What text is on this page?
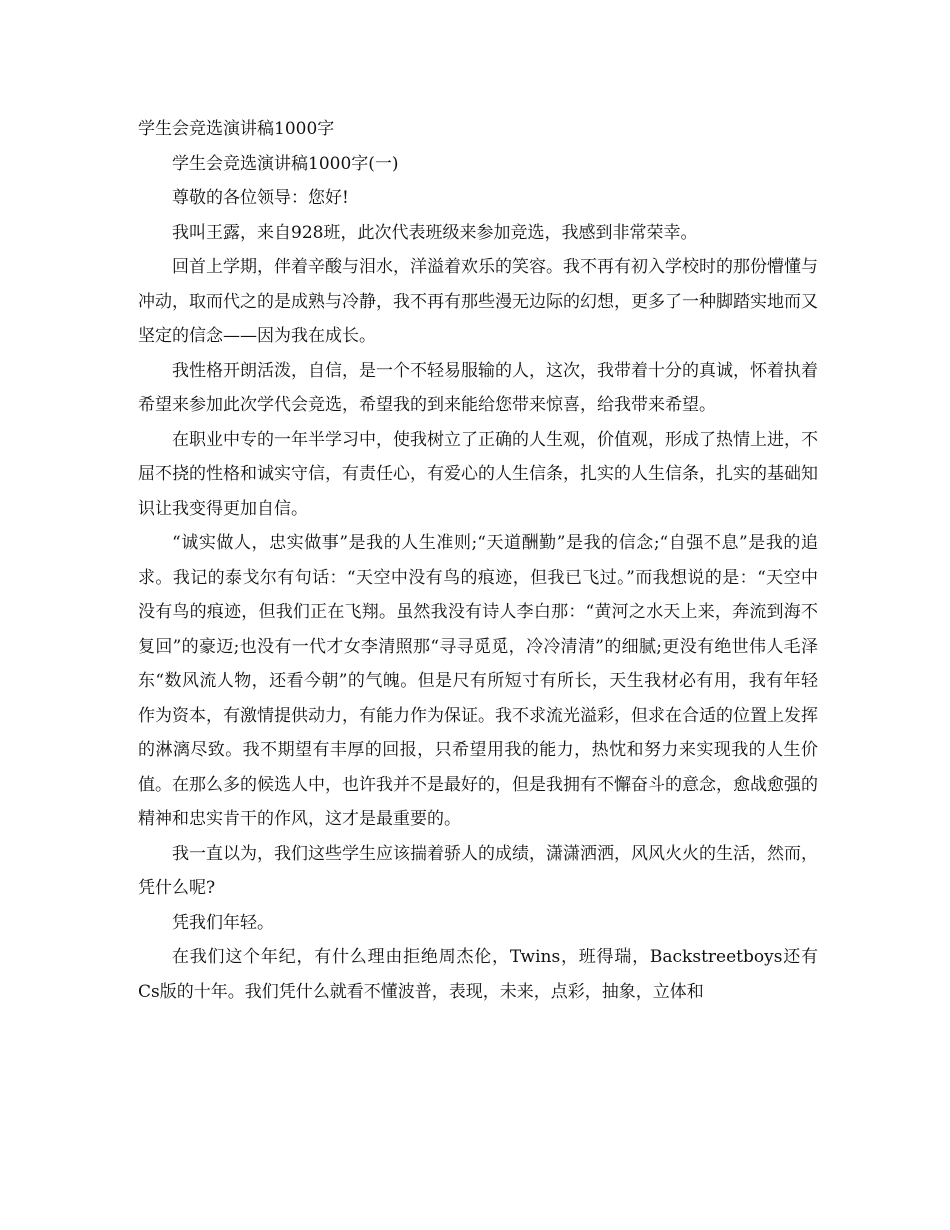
学生会竞选演讲稿1000字

学生会竞选演讲稿1000字(一)

尊敬的各位领导：您好!

我叫王露，来自928班，此次代表班级来参加竞选，我感到非常荣幸。

回首上学期，伴着辛酸与泪水，洋溢着欢乐的笑容。我不再有初入学校时的那份懵懂与冲动，取而代之的是成熟与冷静，我不再有那些漫无边际的幻想，更多了一种脚踏实地而又坚定的信念——因为我在成长。

我性格开朗活泼，自信，是一个不轻易服输的人，这次，我带着十分的真诚，怀着执着希望来参加此次学代会竞选，希望我的到来能给您带来惊喜，给我带来希望。

在职业中专的一年半学习中，使我树立了正确的人生观，价值观，形成了热情上进，不屈不挠的性格和诚实守信，有责任心，有爱心的人生信条，扎实的人生信条，扎实的基础知识让我变得更加自信。

“诚实做人，忠实做事”是我的人生准则;“天道酬勤”是我的信念;“自强不息”是我的追求。我记的泰戈尔有句话：“天空中没有鸟的痕迹，但我已飞过。”而我想说的是：“天空中没有鸟的痕迹，但我们正在飞翔。虽然我没有诗人李白那：“黄河之水天上来，奔流到海不复回”的豪迈;也没有一代才女李清照那“寻寻觅觅，冷冷清清”的细腻;更没有绝世伟人毛泽东“数风流人物，还看今朝”的气魄。但是尺有所短寸有所长，天生我材必有用，我有年轻作为资本，有激情提供动力，有能力作为保证。我不求流光溢彩，但求在合适的位置上发挥的淋漓尽致。我不期望有丰厚的回报，只希望用我的能力，热忱和努力来实现我的人生价值。在那么多的候选人中，也许我并不是最好的，但是我拥有不懈奋斗的意念，愈战愈强的精神和忠实肯干的作风，这才是最重要的。

我一直以为，我们这些学生应该揣着骄人的成绩，潇潇洒洒，风风火火的生活，然而，凭什么呢?

凭我们年轻。

在我们这个年纪，有什么理由拒绝周杰伦，Twins，班得瑞，Backstreetboys还有Cs版的十年。我们凭什么就看不懂波普，表现，未来，点彩，抽象，立体和
